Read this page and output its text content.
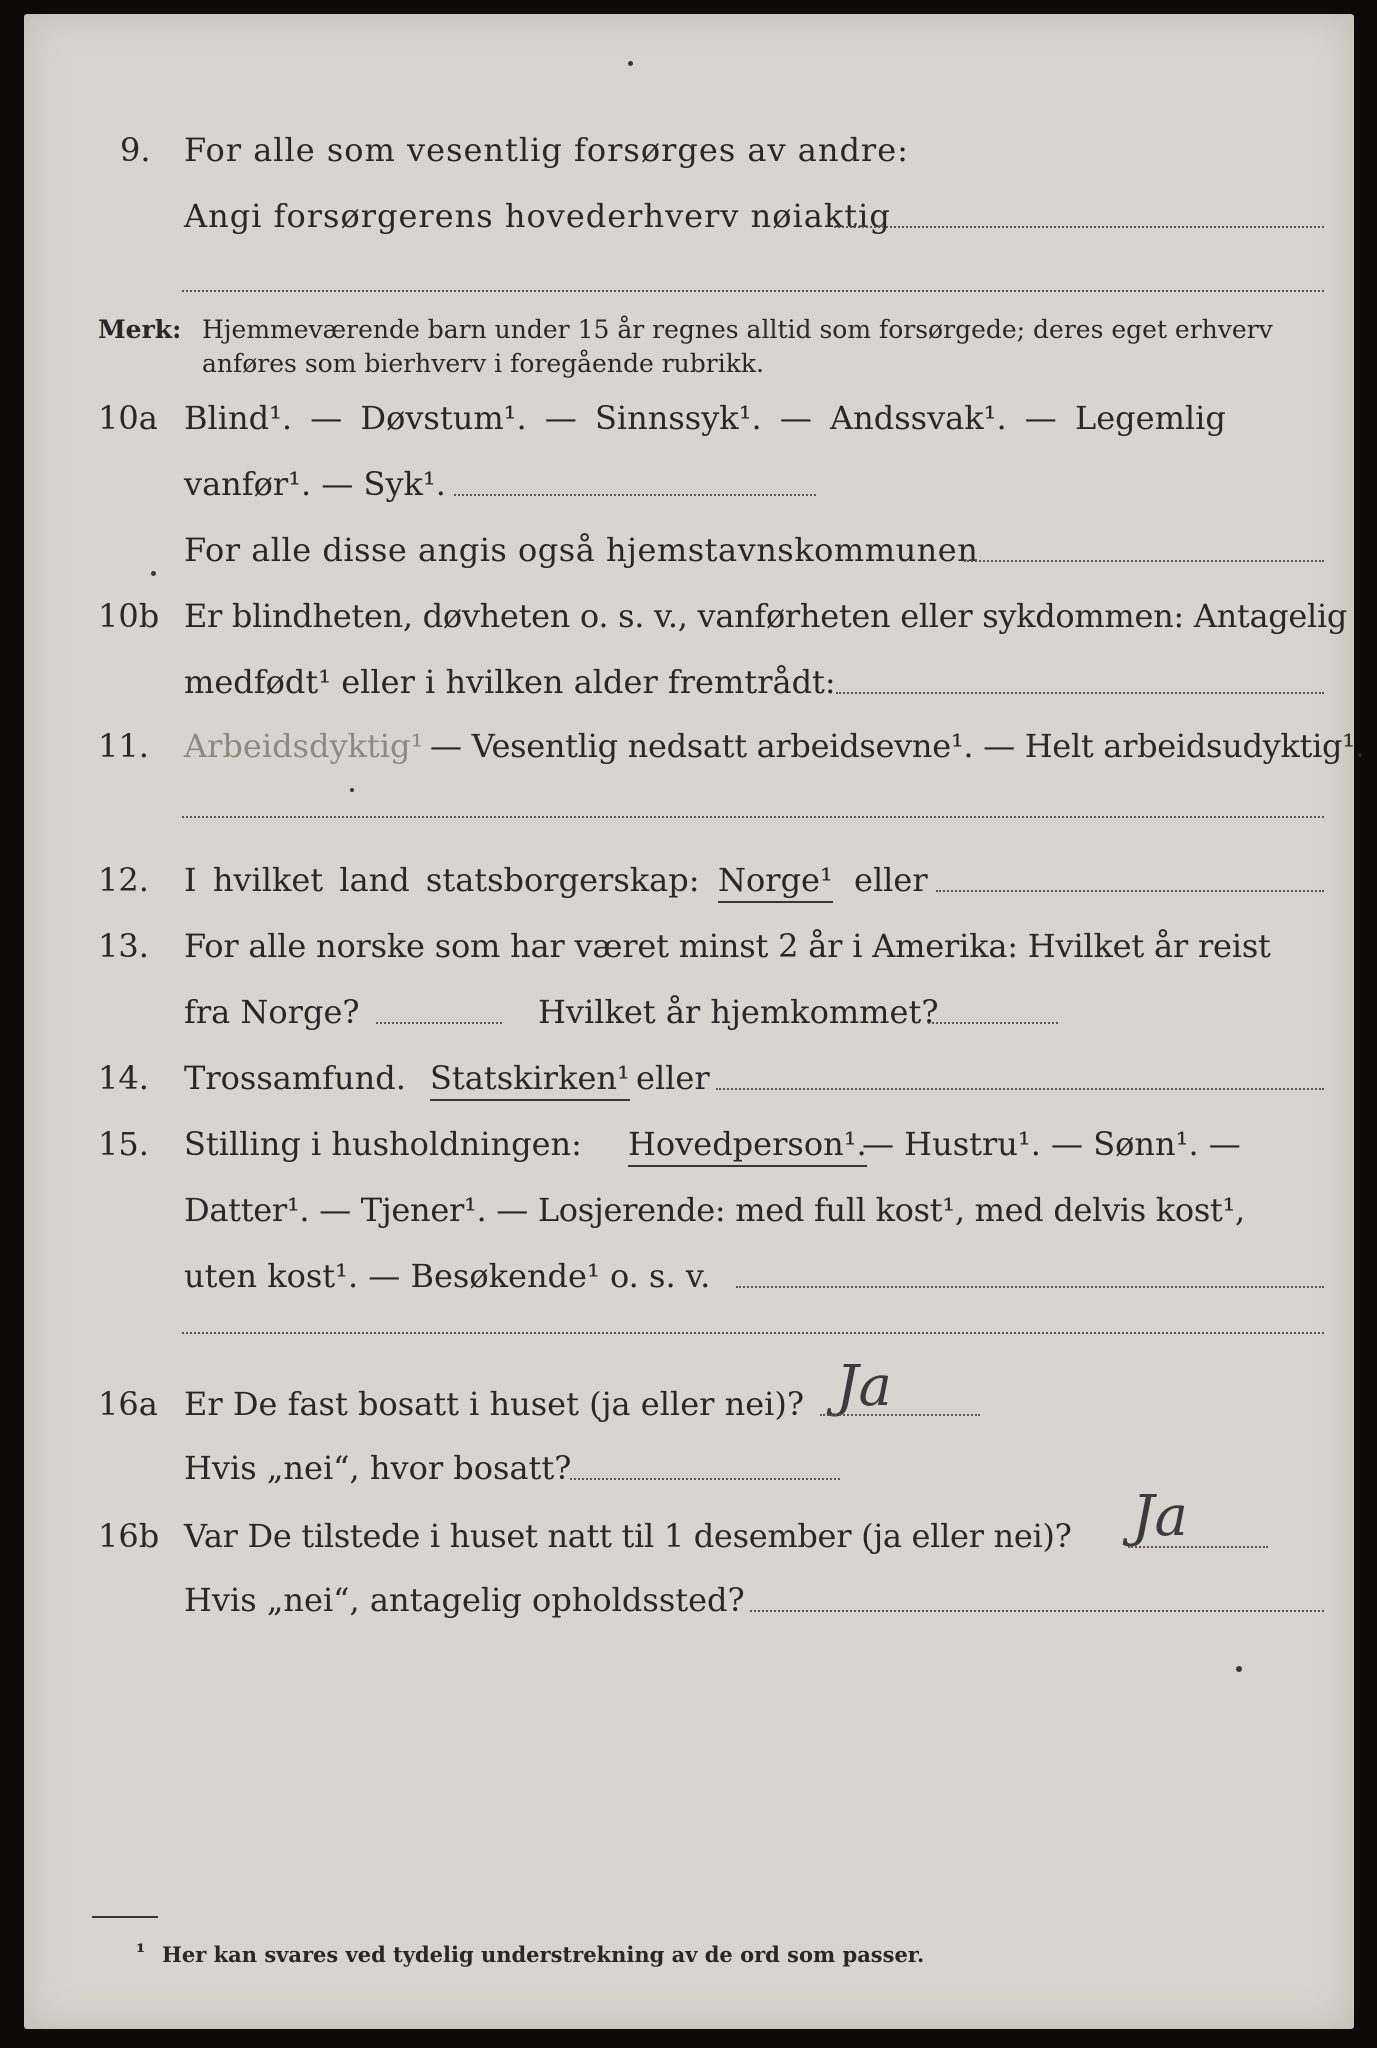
9. For alle som vesentlig forsørges av andre:
Angi forsørgerens hovederhverv nøiaktig
Merk: Hjemmeværende barn under 15 år regnes alltid som forsørgede; deres eget erhverv
anføres som bierhverv i foregående rubrikk.
10a Blind¹. — Døvstum¹. — Sinnssyk¹. — Andssvak¹. — Legemlig
vanfør¹. — Syk¹.
For alle disse angis også hjemstavnskommunen
10b Er blindheten, døvheten o. s. v., vanførheten eller sykdommen: Antagelig
medfødt¹ eller i hvilken alder fremtrådt:
11. Arbeidsdyktig¹ — Vesentlig nedsatt arbeidsevne¹. — Helt arbeidsudyktig¹.
12. I hvilket land statsborgerskap: Norge¹ eller
13. For alle norske som har været minst 2 år i Amerika: Hvilket år reist
fra Norge?	Hvilket år hjemkommet?
14. Trossamfund. Statskirken¹ eller
15. Stilling i husholdningen: Hovedperson¹.
— Hustru¹. — Sønn¹. —
Datter¹. — Tjener¹. — Losjerende: med full kost¹, med delvis kost¹,
uten kost¹. — Besøkende¹ o. s. v.
16a Er De fast bosatt i huset (ja eller nei)? Ja
Hvis „nei“, hvor bosatt?
16b Var De tilstede i huset natt til 1 desember (ja eller nei)? Ja
Hvis „nei“, antagelig opholdssted?
¹ Her kan svares ved tydelig understrekning av de ord som passer.
